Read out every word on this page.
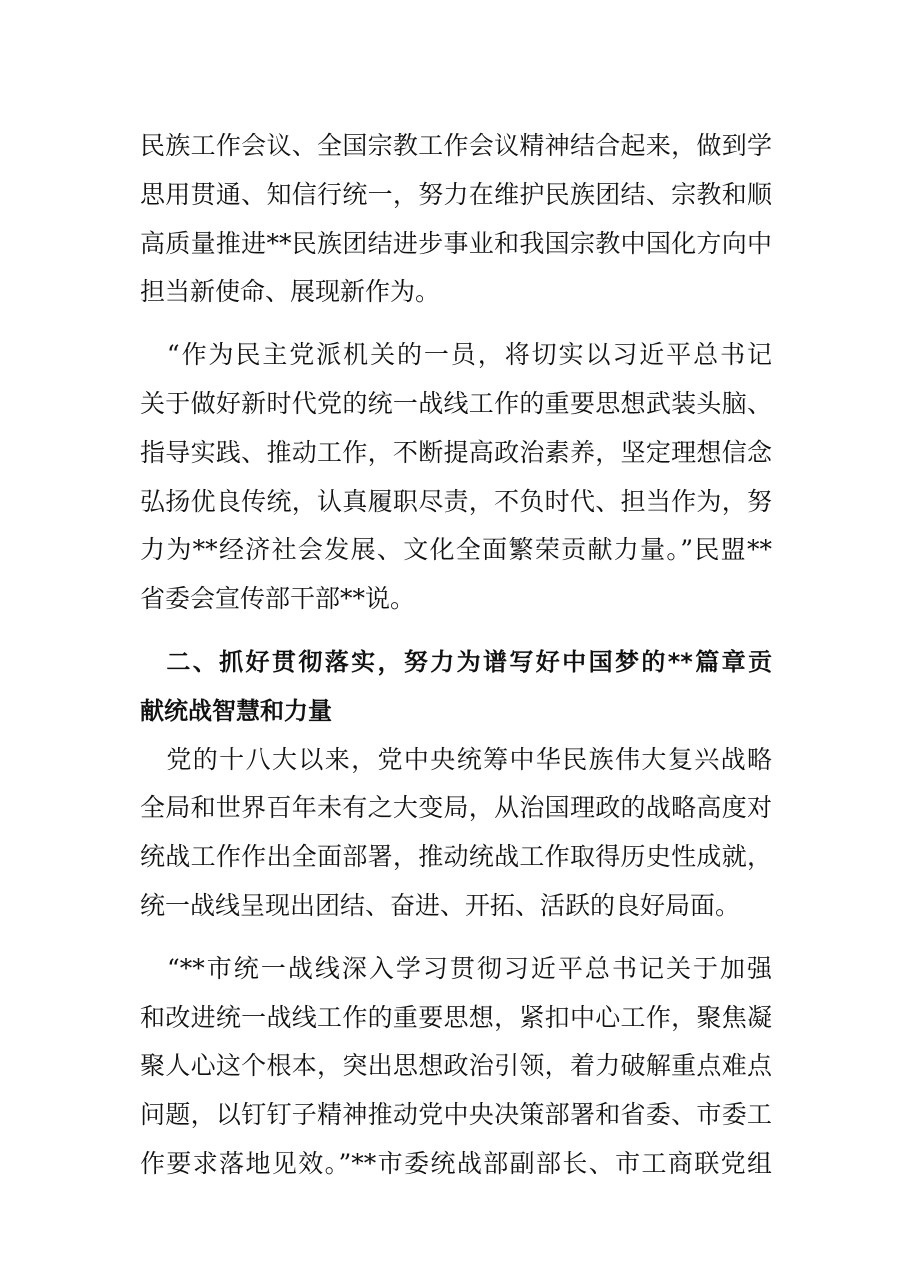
民族工作会议、全国宗教工作会议精神结合起来，做到学
思用贯通、知信行统一，努力在维护民族团结、宗教和顺
高质量推进**民族团结进步事业和我国宗教中国化方向中
担当新使命、展现新作为。
　“作为民主党派机关的一员，将切实以习近平总书记
关于做好新时代党的统一战线工作的重要思想武装头脑、
指导实践、推动工作，不断提高政治素养，坚定理想信念
弘扬优良传统，认真履职尽责，不负时代、担当作为，努
力为**经济社会发展、文化全面繁荣贡献力量。”民盟**
省委会宣传部干部**说。
　二、抓好贯彻落实，努力为谱写好中国梦的**篇章贡
献统战智慧和力量
　党的十八大以来，党中央统筹中华民族伟大复兴战略
全局和世界百年未有之大变局，从治国理政的战略高度对
统战工作作出全面部署，推动统战工作取得历史性成就，
统一战线呈现出团结、奋进、开拓、活跃的良好局面。
　“**市统一战线深入学习贯彻习近平总书记关于加强
和改进统一战线工作的重要思想，紧扣中心工作，聚焦凝
聚人心这个根本，突出思想政治引领，着力破解重点难点
问题，以钉钉子精神推动党中央决策部署和省委、市委工
作要求落地见效。”**市委统战部副部长、市工商联党组
